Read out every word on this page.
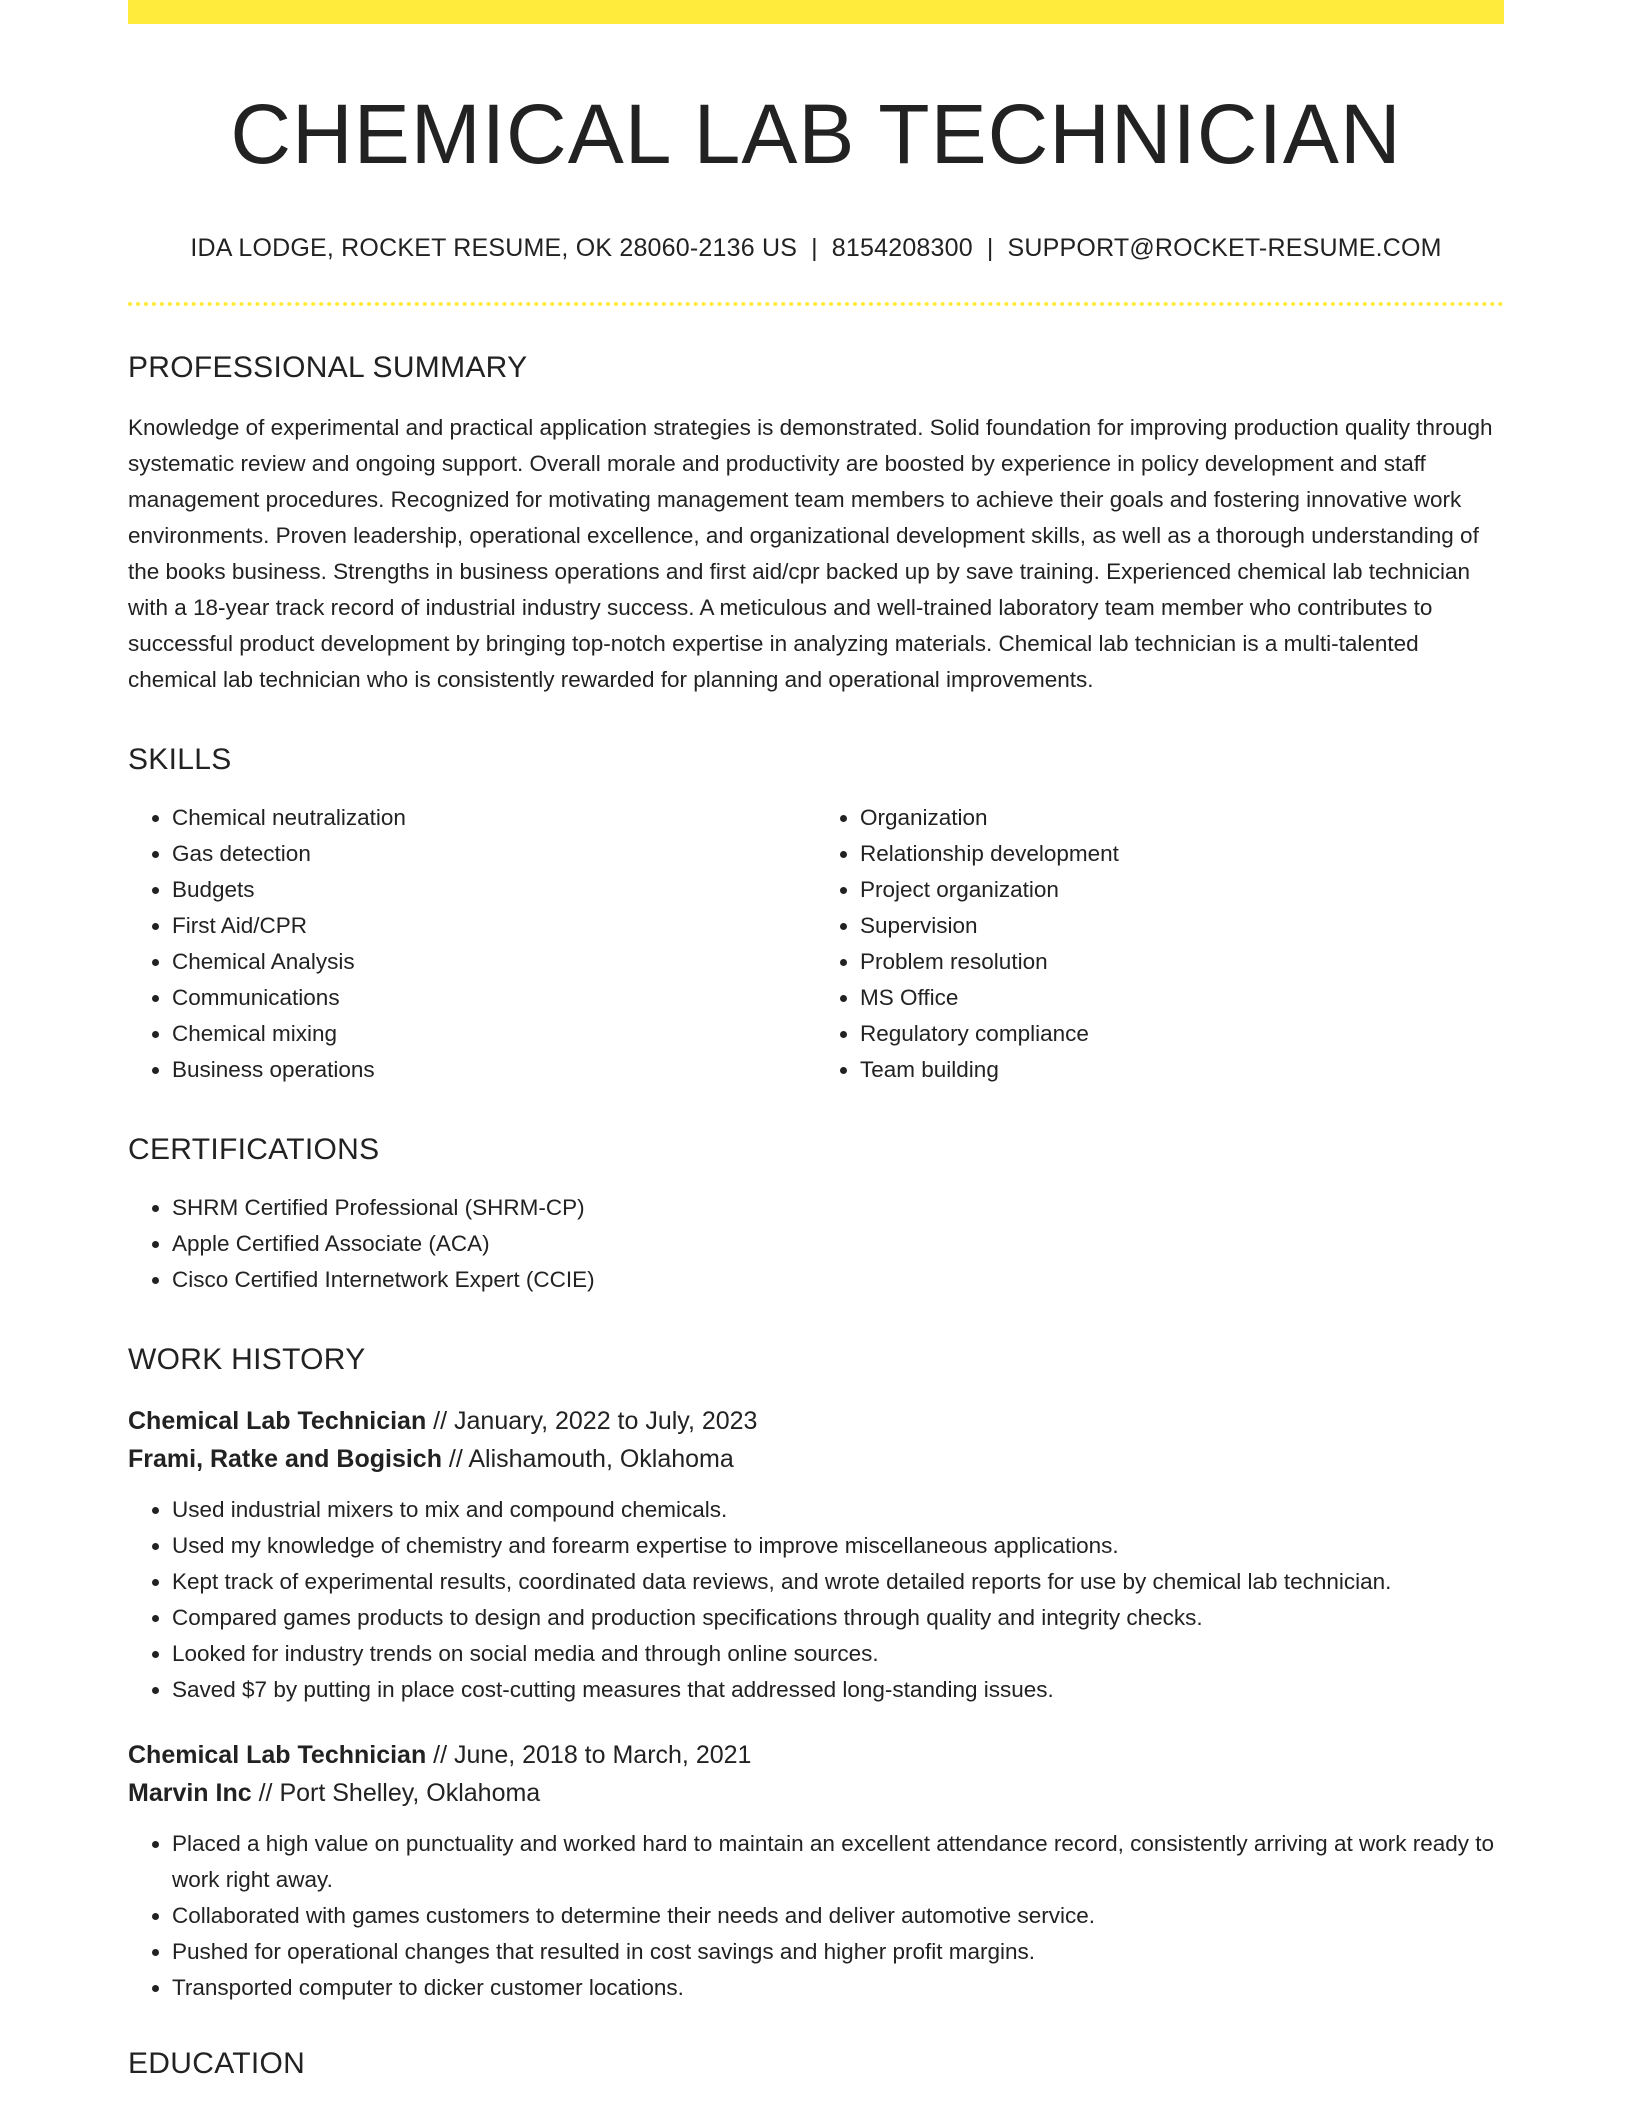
CHEMICAL LAB TECHNICIAN
IDA LODGE, ROCKET RESUME, OK 28060-2136 US | 8154208300 | SUPPORT@ROCKET-RESUME.COM
PROFESSIONAL SUMMARY

Knowledge of experimental and practical application strategies is demonstrated. Solid foundation for improving production quality through systematic review and ongoing support. Overall morale and productivity are boosted by experience in policy development and staff management procedures. Recognized for motivating management team members to achieve their goals and fostering innovative work environments. Proven leadership, operational excellence, and organizational development skills, as well as a thorough understanding of the books business. Strengths in business operations and first aid/cpr backed up by save training. Experienced chemical lab technician with a 18-year track record of industrial industry success. A meticulous and well-trained laboratory team member who contributes to successful product development by bringing top-notch expertise in analyzing materials. Chemical lab technician is a multi-talented chemical lab technician who is consistently rewarded for planning and operational improvements.

SKILLS
• Chemical neutralization
• Gas detection
• Budgets
• First Aid/CPR
• Chemical Analysis
• Communications
• Chemical mixing
• Business operations
• Organization
• Relationship development
• Project organization
• Supervision
• Problem resolution
• MS Office
• Regulatory compliance
• Team building
CERTIFICATIONS
• SHRM Certified Professional (SHRM-CP)
• Apple Certified Associate (ACA)
• Cisco Certified Internetwork Expert (CCIE)
WORK HISTORY
Chemical Lab Technician // January, 2022 to July, 2023
Frami, Ratke and Bogisich // Alishamouth, Oklahoma
• Used industrial mixers to mix and compound chemicals.
• Used my knowledge of chemistry and forearm expertise to improve miscellaneous applications.
• Kept track of experimental results, coordinated data reviews, and wrote detailed reports for use by chemical lab technician.
• Compared games products to design and production specifications through quality and integrity checks.
• Looked for industry trends on social media and through online sources.
• Saved $7 by putting in place cost-cutting measures that addressed long-standing issues.
Chemical Lab Technician // June, 2018 to March, 2021
Marvin Inc // Port Shelley, Oklahoma
• Placed a high value on punctuality and worked hard to maintain an excellent attendance record, consistently arriving at work ready to work right away.
• Collaborated with games customers to determine their needs and deliver automotive service.
• Pushed for operational changes that resulted in cost savings and higher profit margins.
• Transported computer to dicker customer locations.
EDUCATION
